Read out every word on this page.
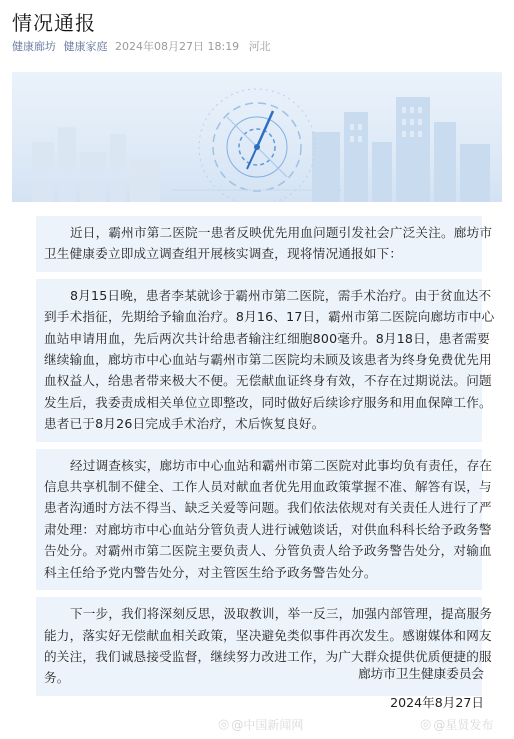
情况通报
健康廊坊 健康家庭 2024年08月27日 18:19 河北
近日，霸州市第二医院一患者反映优先用血问题引发社会广泛关注。廊坊市
卫生健康委立即成立调查组开展核实调查，现将情况通报如下：
8月15日晚，患者李某就诊于霸州市第二医院，需手术治疗。由于贫血达不
到手术指征，先期给予输血治疗。8月16、17日，霸州市第二医院向廊坊市中心
血站申请用血，先后两次共计给患者输注红细胞800毫升。8月18日，患者需要
继续输血，廊坊市中心血站与霸州市第二医院均未顾及该患者为终身免费优先用
血权益人，给患者带来极大不便。无偿献血证终身有效，不存在过期说法。问题
发生后，我委责成相关单位立即整改，同时做好后续诊疗服务和用血保障工作。
患者已于8月26日完成手术治疗，术后恢复良好。
经过调查核实，廊坊市中心血站和霸州市第二医院对此事均负有责任，存在
信息共享机制不健全、工作人员对献血者优先用血政策掌握不准、解答有误，与
患者沟通时方法不得当、缺乏关爱等问题。我们依法依规对有关责任人进行了严
肃处理：对廊坊市中心血站分管负责人进行诫勉谈话，对供血科科长给予政务警
告处分。对霸州市第二医院主要负责人、分管负责人给予政务警告处分，对输血
科主任给予党内警告处分，对主管医生给予政务警告处分。
下一步，我们将深刻反思，汲取教训，举一反三，加强内部管理，提高服务
能力，落实好无偿献血相关政策，坚决避免类似事件再次发生。感谢媒体和网友
的关注，我们诚恳接受监督，继续努力改进工作，为广大群众提供优质便捷的服
务。	廊坊市卫生健康委员会
2024年8月27日
◎ @中国新闻网	◎ @星贤发布
